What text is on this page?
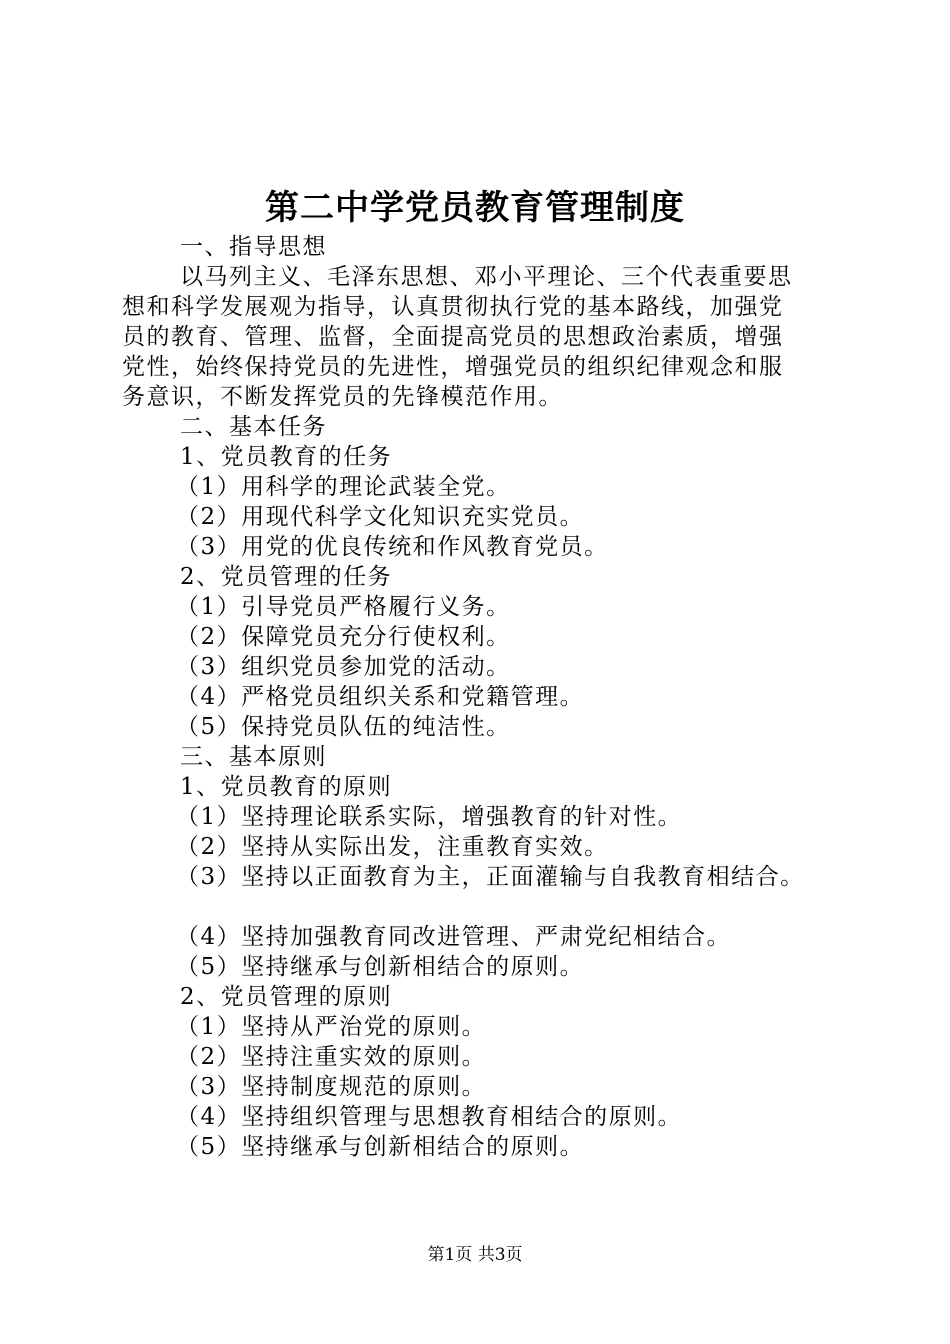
第二中学党员教育管理制度
一、指导思想
以马列主义、毛泽东思想、邓小平理论、三个代表重要思
想和科学发展观为指导，认真贯彻执行党的基本路线，加强党
员的教育、管理、监督，全面提高党员的思想政治素质，增强
党性，始终保持党员的先进性，增强党员的组织纪律观念和服
务意识，不断发挥党员的先锋模范作用。
二、基本任务
1、党员教育的任务
（1）用科学的理论武装全党。
（2）用现代科学文化知识充实党员。
（3）用党的优良传统和作风教育党员。
2、党员管理的任务
（1）引导党员严格履行义务。
（2）保障党员充分行使权利。
（3）组织党员参加党的活动。
（4）严格党员组织关系和党籍管理。
（5）保持党员队伍的纯洁性。
三、基本原则
1、党员教育的原则
（1）坚持理论联系实际，增强教育的针对性。
（2）坚持从实际出发，注重教育实效。
（3）坚持以正面教育为主，正面灌输与自我教育相结合。
（4）坚持加强教育同改进管理、严肃党纪相结合。
（5）坚持继承与创新相结合的原则。
2、党员管理的原则
（1）坚持从严治党的原则。
（2）坚持注重实效的原则。
（3）坚持制度规范的原则。
（4）坚持组织管理与思想教育相结合的原则。
（5）坚持继承与创新相结合的原则。
第1页 共3页
